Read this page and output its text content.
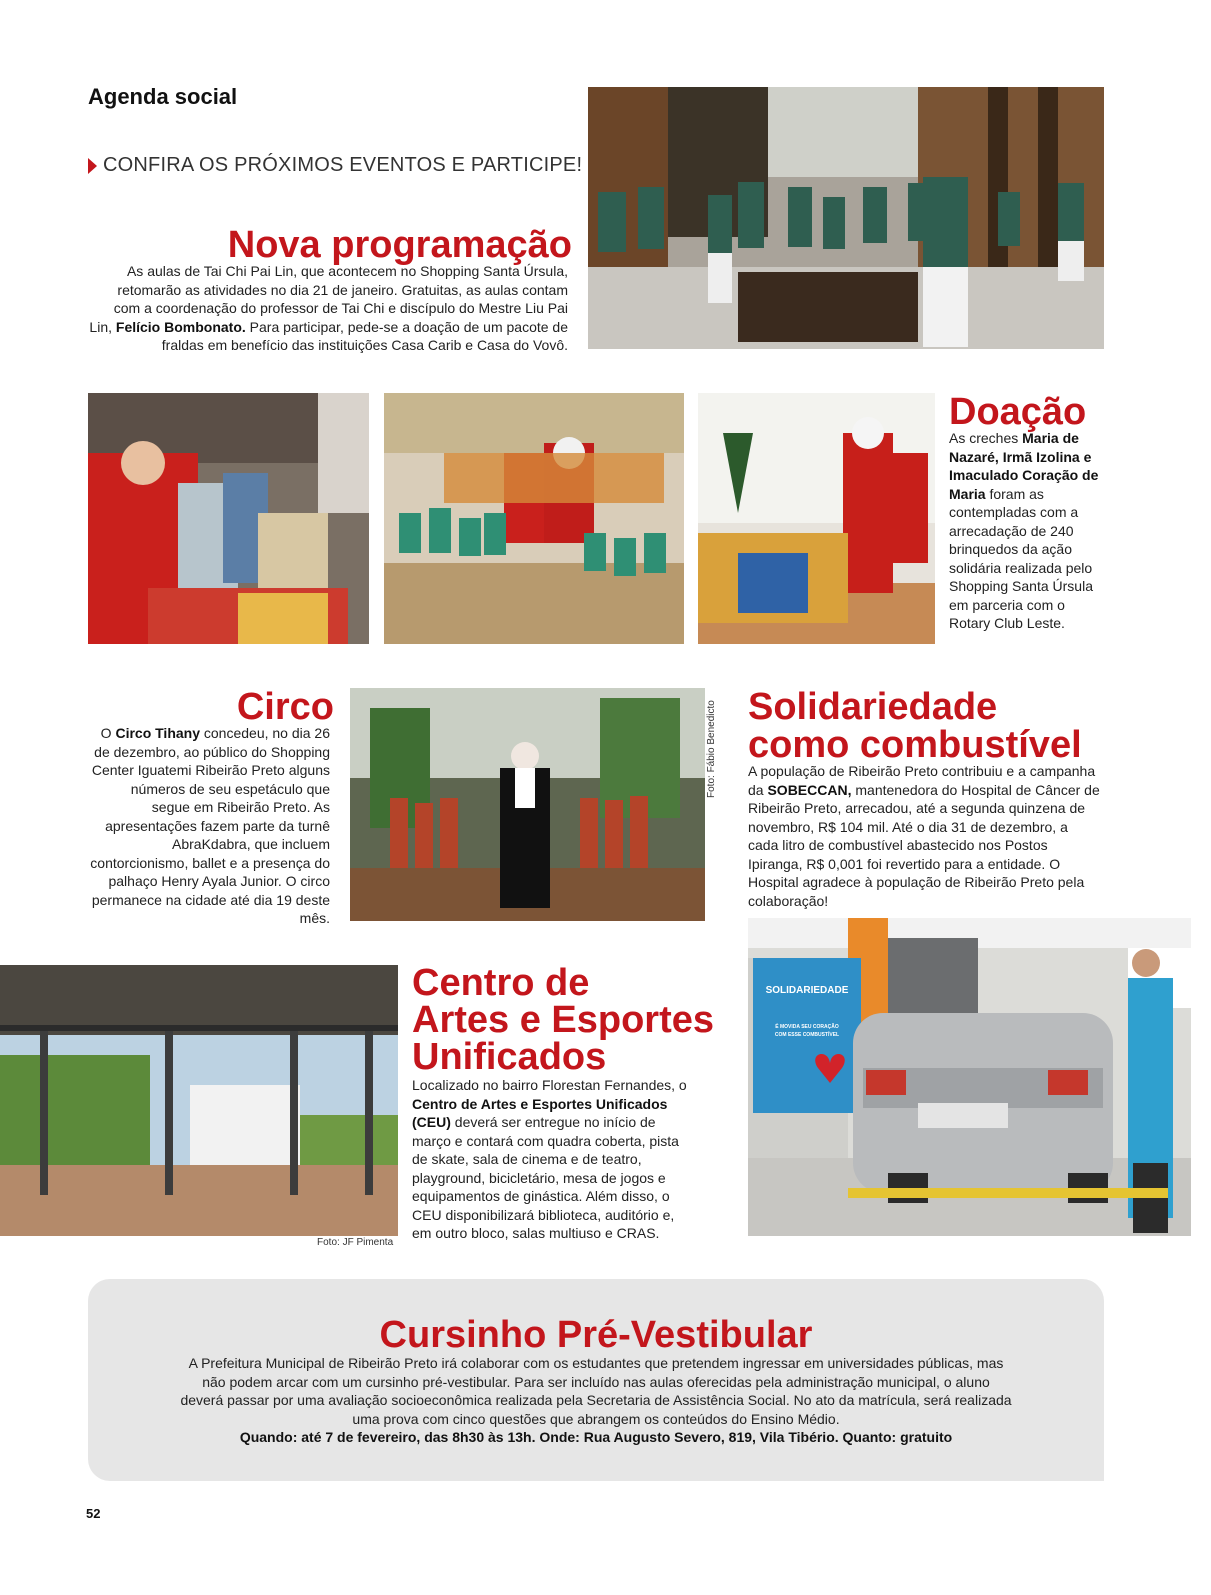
Agenda social
CONFIRA OS PRÓXIMOS EVENTOS E PARTICIPE!
Nova programação
As aulas de Tai Chi Pai Lin, que acontecem no Shopping Santa Úrsula, retomarão as atividades no dia 21 de janeiro. Gratuitas, as aulas contam com a coordenação do professor de Tai Chi e discípulo do Mestre Liu Pai Lin, Felício Bombonato. Para participar, pede-se a doação de um pacote de fraldas em benefício das instituições Casa Carib e Casa do Vovô.
Doação
As creches Maria de Nazaré, Irmã Izolina e Imaculado Coração de Maria foram as contempladas com a arrecadação de 240 brinquedos da ação solidária realizada pelo Shopping Santa Úrsula em parceria com o Rotary Club Leste.
Circo
O Circo Tihany concedeu, no dia 26 de dezembro, ao público do Shopping Center Iguatemi Ribeirão Preto alguns números de seu espetáculo que segue em Ribeirão Preto. As apresentações fazem parte da turnê AbraKdabra, que incluem contorcionismo, ballet e a presença do palhaço Henry Ayala Junior. O circo permanece na cidade até dia 19 deste mês.
Foto: Fábio Benedicto Solidariedade
como combustível
A população de Ribeirão Preto contribuiu e a campanha da SOBECCAN, mantenedora do Hospital de Câncer de Ribeirão Preto, arrecadou, até a segunda quinzena de novembro, R$ 104 mil. Até o dia 31 de dezembro, a cada litro de combustível abastecido nos Postos Ipiranga, R$ 0,001 foi revertido para a entidade. O Hospital agradece à população de Ribeirão Preto pela colaboração!
SOLIDARIEDADE
É MOVIDA SEU CORAÇÃO
COM ESSE COMBUSTÍVEL
Foto: JF Pimenta
Centro de
Artes e Esportes
Unificados
Localizado no bairro Florestan Fernandes, o Centro de Artes e Esportes Unificados (CEU) deverá ser entregue no início de março e contará com quadra coberta, pista de skate, sala de cinema e de teatro, playground, bicicletário, mesa de jogos e equipamentos de ginástica. Além disso, o CEU disponibilizará biblioteca, auditório e, em outro bloco, salas multiuso e CRAS.
Cursinho Pré-Vestibular
A Prefeitura Municipal de Ribeirão Preto irá colaborar com os estudantes que pretendem ingressar em universidades públicas, mas não podem arcar com um cursinho pré-vestibular. Para ser incluído nas aulas oferecidas pela administração municipal, o aluno deverá passar por uma avaliação socioeconômica realizada pela Secretaria de Assistência Social. No ato da matrícula, será realizada uma prova com cinco questões que abrangem os conteúdos do Ensino Médio.
Quando: até 7 de fevereiro, das 8h30 às 13h. Onde: Rua Augusto Severo, 819, Vila Tibério. Quanto: gratuito
52
